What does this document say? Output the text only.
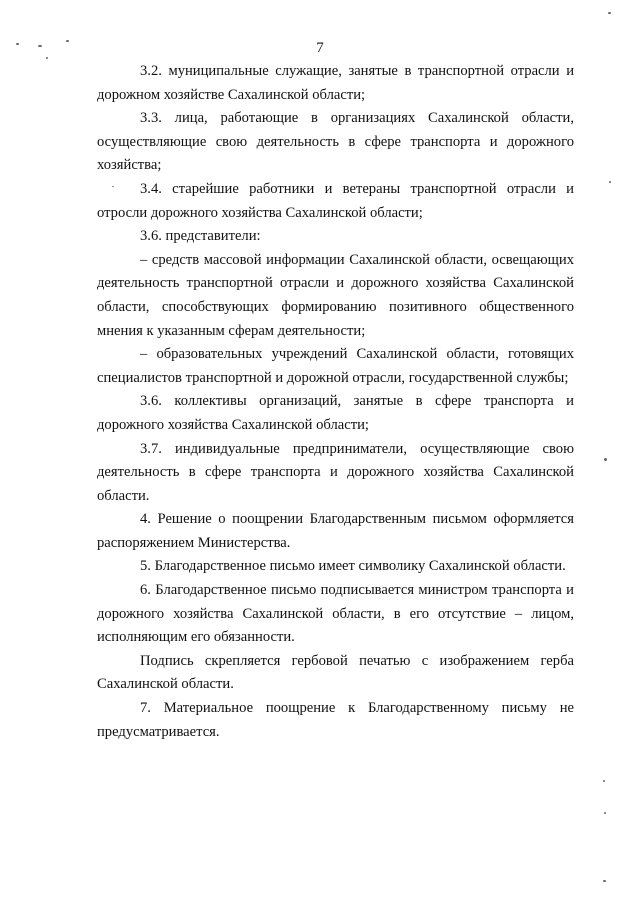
7

3.2. муниципальные служащие, занятые в транспортной отрасли и дорожном хозяйстве Сахалинской области;

3.3. лица, работающие в организациях Сахалинской области, осуществляющие свою деятельность в сфере транспорта и дорожного хозяйства;

3.4. старейшие работники и ветераны транспортной отрасли и отросли дорожного хозяйства Сахалинской области;

3.6. представители:

– средств массовой информации Сахалинской области, освещающих деятельность транспортной отрасли и дорожного хозяйства Сахалинской области, способствующих формированию позитивного общественного мнения к указанным сферам деятельности;

– образовательных учреждений Сахалинской области, готовящих специалистов транспортной и дорожной отрасли, государственной службы;

3.6. коллективы организаций, занятые в сфере транспорта и дорожного хозяйства Сахалинской области;

3.7. индивидуальные предприниматели, осуществляющие свою деятельность в сфере транспорта и дорожного хозяйства Сахалинской области.

4. Решение о поощрении Благодарственным письмом оформляется распоряжением Министерства.

5. Благодарственное письмо имеет символику Сахалинской области.

6. Благодарственное письмо подписывается министром транспорта и дорожного хозяйства Сахалинской области, в его отсутствие – лицом, исполняющим его обязанности.

Подпись скрепляется гербовой печатью с изображением герба Сахалинской области.

7. Материальное поощрение к Благодарственному письму не предусматривается.
